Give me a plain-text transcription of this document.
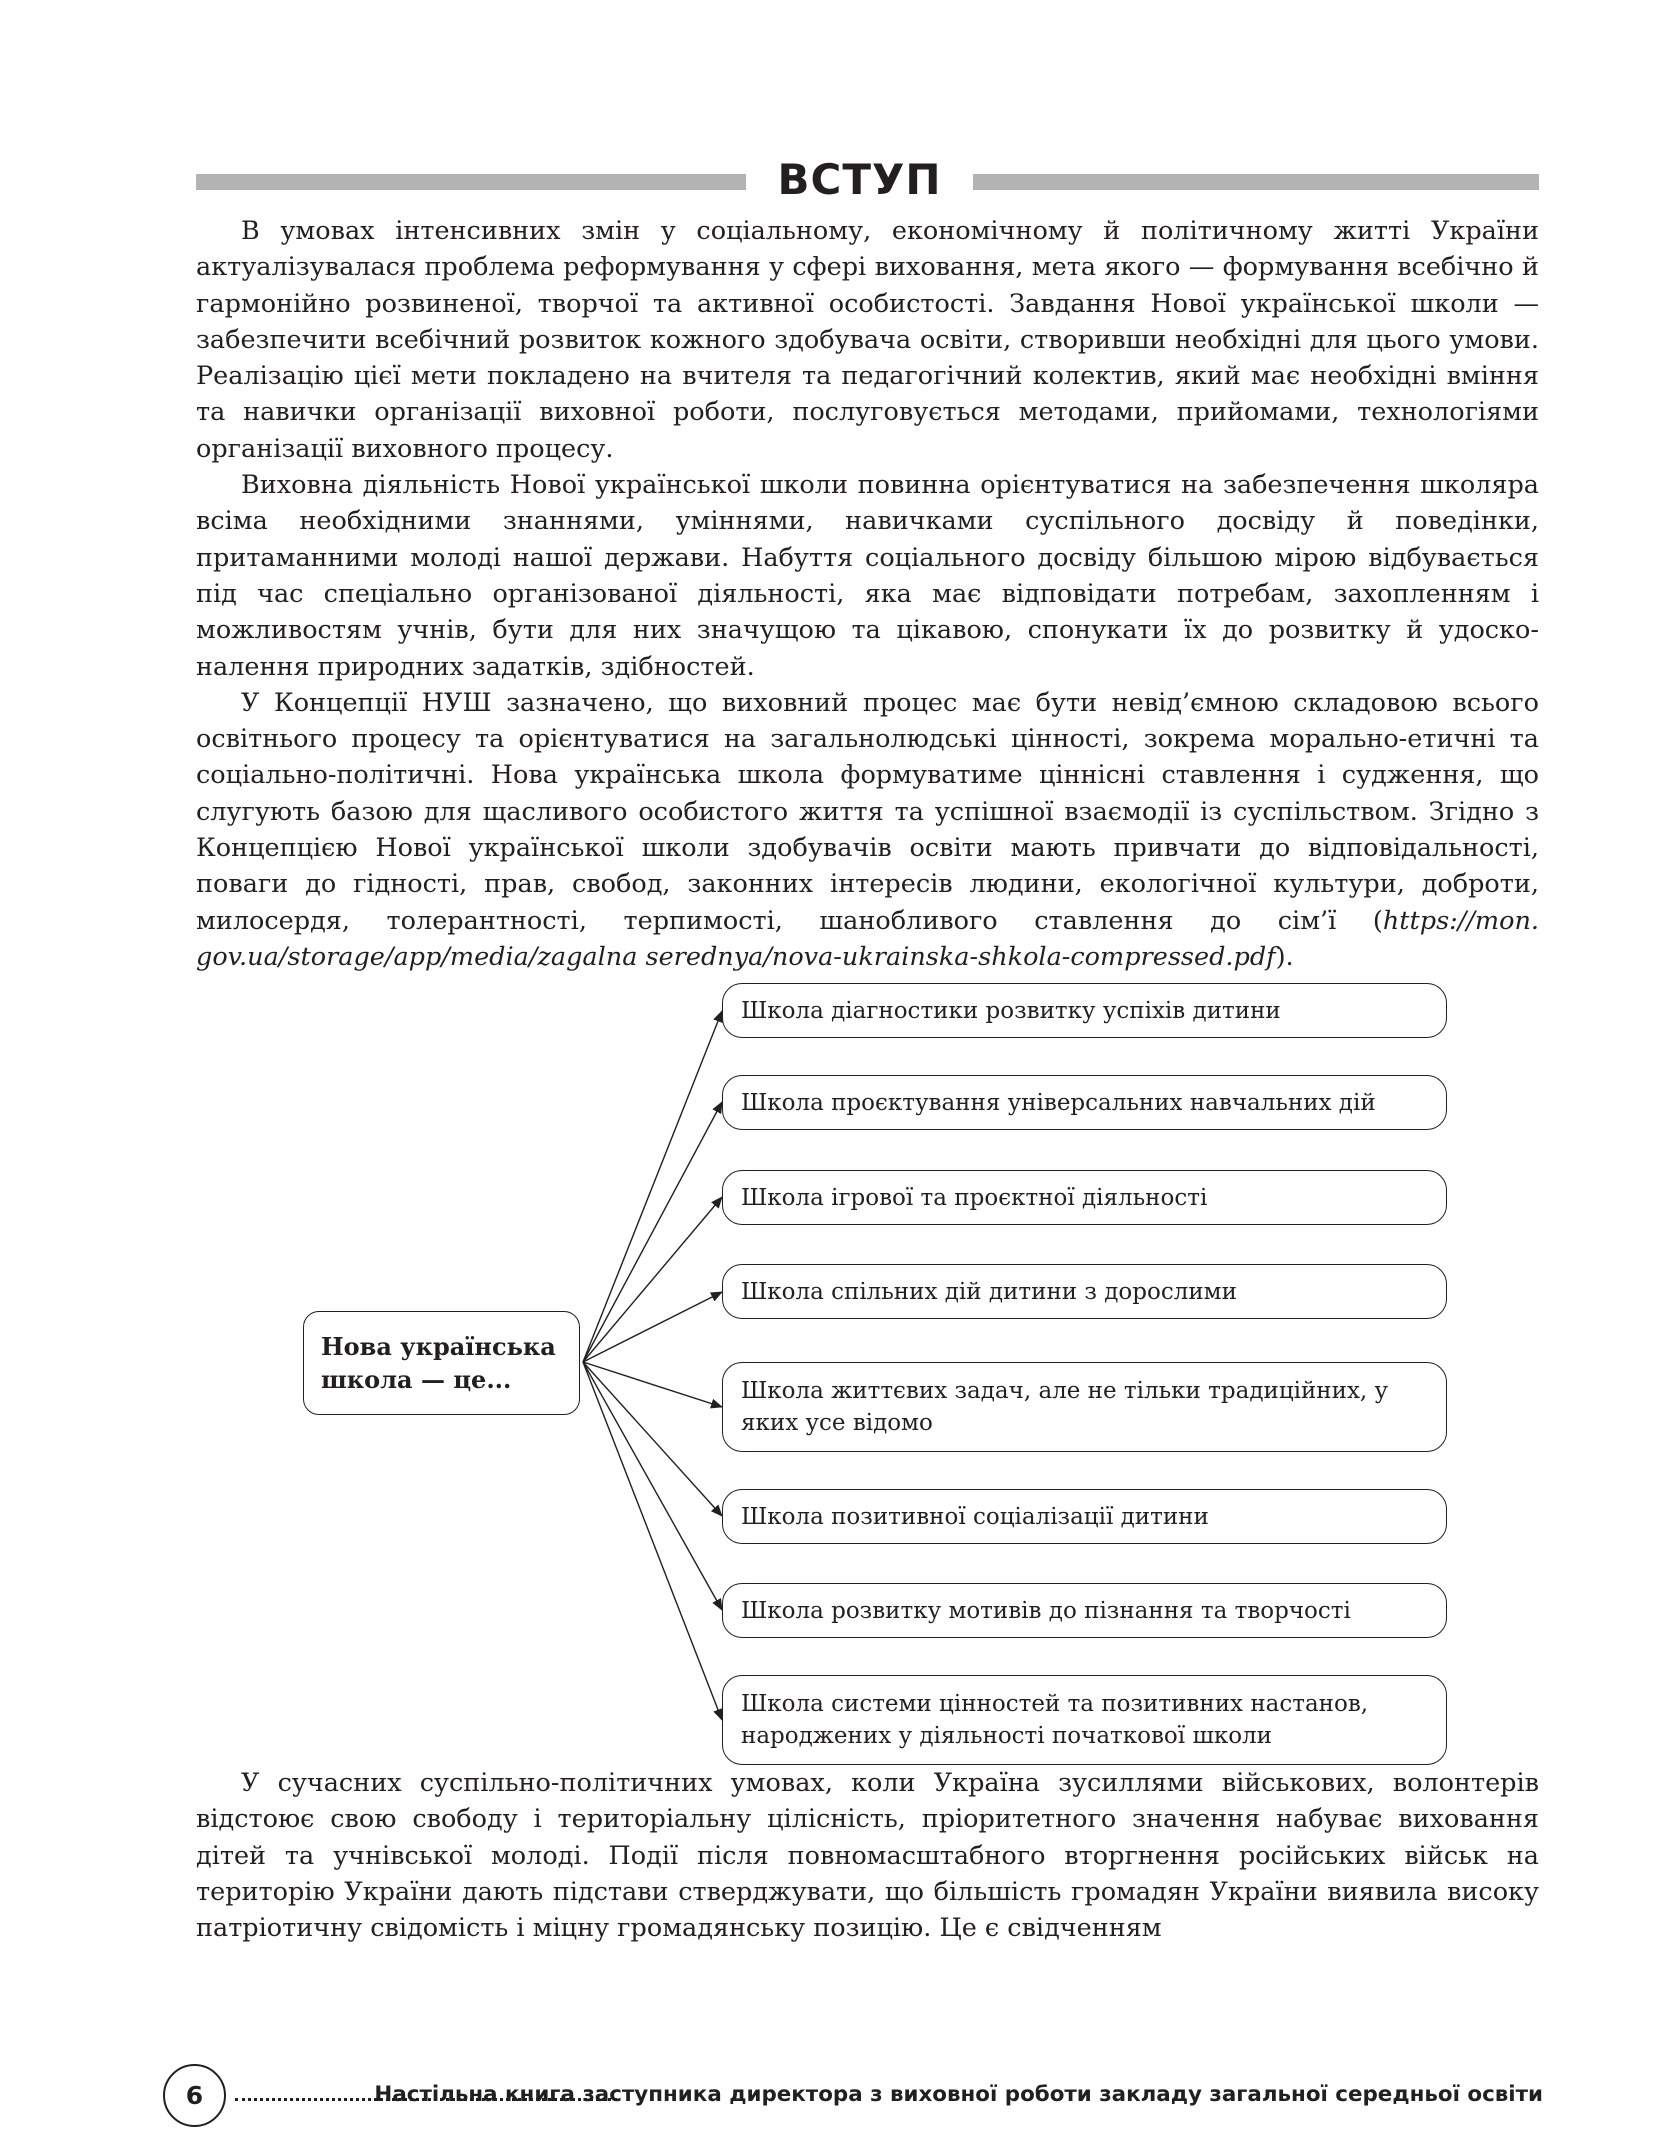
ВСТУП

В умовах інтенсивних змін у соціальному, економічному й політичному житті України актуалізувалася проблема реформування у сфері виховання, мета якого — формування всебічно й гармонійно розвиненої, творчої та активної особистості. Завдання Нової української школи — забезпечити всебічний розвиток кожного здобувача освіти, створивши необхідні для цього умови. Реалізацію цієї мети покладено на вчителя та педагогічний колектив, який має необхідні вміння та навички організації виховної роботи, послуговується методами, прийомами, технологіями організації виховного процесу.

Виховна діяльність Нової української школи повинна орієнтуватися на забезпечення школяра всіма необхідними знаннями, уміннями, навичками суспільного досвіду й поведінки, притаманними молоді нашої держави. Набуття соціального досвіду більшою мірою відбувається під час спеціально організованої діяльності, яка має відповідати потребам, захопленням і можливостям учнів, бути для них значущою та цікавою, спонукати їх до розвитку й удосконалення природних задатків, здібностей.

У Концепції НУШ зазначено, що виховний процес має бути невід’ємною складовою всього освітнього процесу та орієнтуватися на загальнолюдські цінності, зокрема морально-етичні та соціально-політичні. Нова українська школа формуватиме ціннісні ставлення і судження, що слугують базою для щасливого особистого життя та успішної взаємодії із суспільством. Згідно з Концепцією Нової української школи здобувачів освіти мають привчати до відповідальності, поваги до гідності, прав, свобод, законних інтересів людини, екологічної культури, доброти, милосердя, толерантності, терпимості, шанобливого ставлення до сім’ї (https://mon.​gov.ua/storage/app/media/zagalna serednya/nova-ukrainska-shkola-compressed.pdf).

Нова українська школа — це...
Школа діагностики розвитку успіхів дитини
Школа проєктування універсальних навчальних дій
Школа ігрової та проєктної діяльності
Школа спільних дій дитини з дорослими
Школа життєвих задач, але не тільки традиційних, у яких усе відомо
Школа позитивної соціалізації дитини
Школа розвитку мотивів до пізнання та творчості
Школа системи цінностей та позитивних настанов, народжених у діяльності початкової школи

У сучасних суспільно-політичних умовах, коли Україна зусиллями військових, волонтерів відстоює свою свободу і територіальну цілісність, пріоритетного значення набуває виховання дітей та учнівської молоді. Події після повномасштабного вторгнення російських військ на територію України дають підстави стверджувати, що більшість громадян України виявила високу патріотичну свідомість і міцну громадянську позицію. Це є свідченням

6	Настільна книга заступника директора з виховної роботи закладу загальної середньої освіти
